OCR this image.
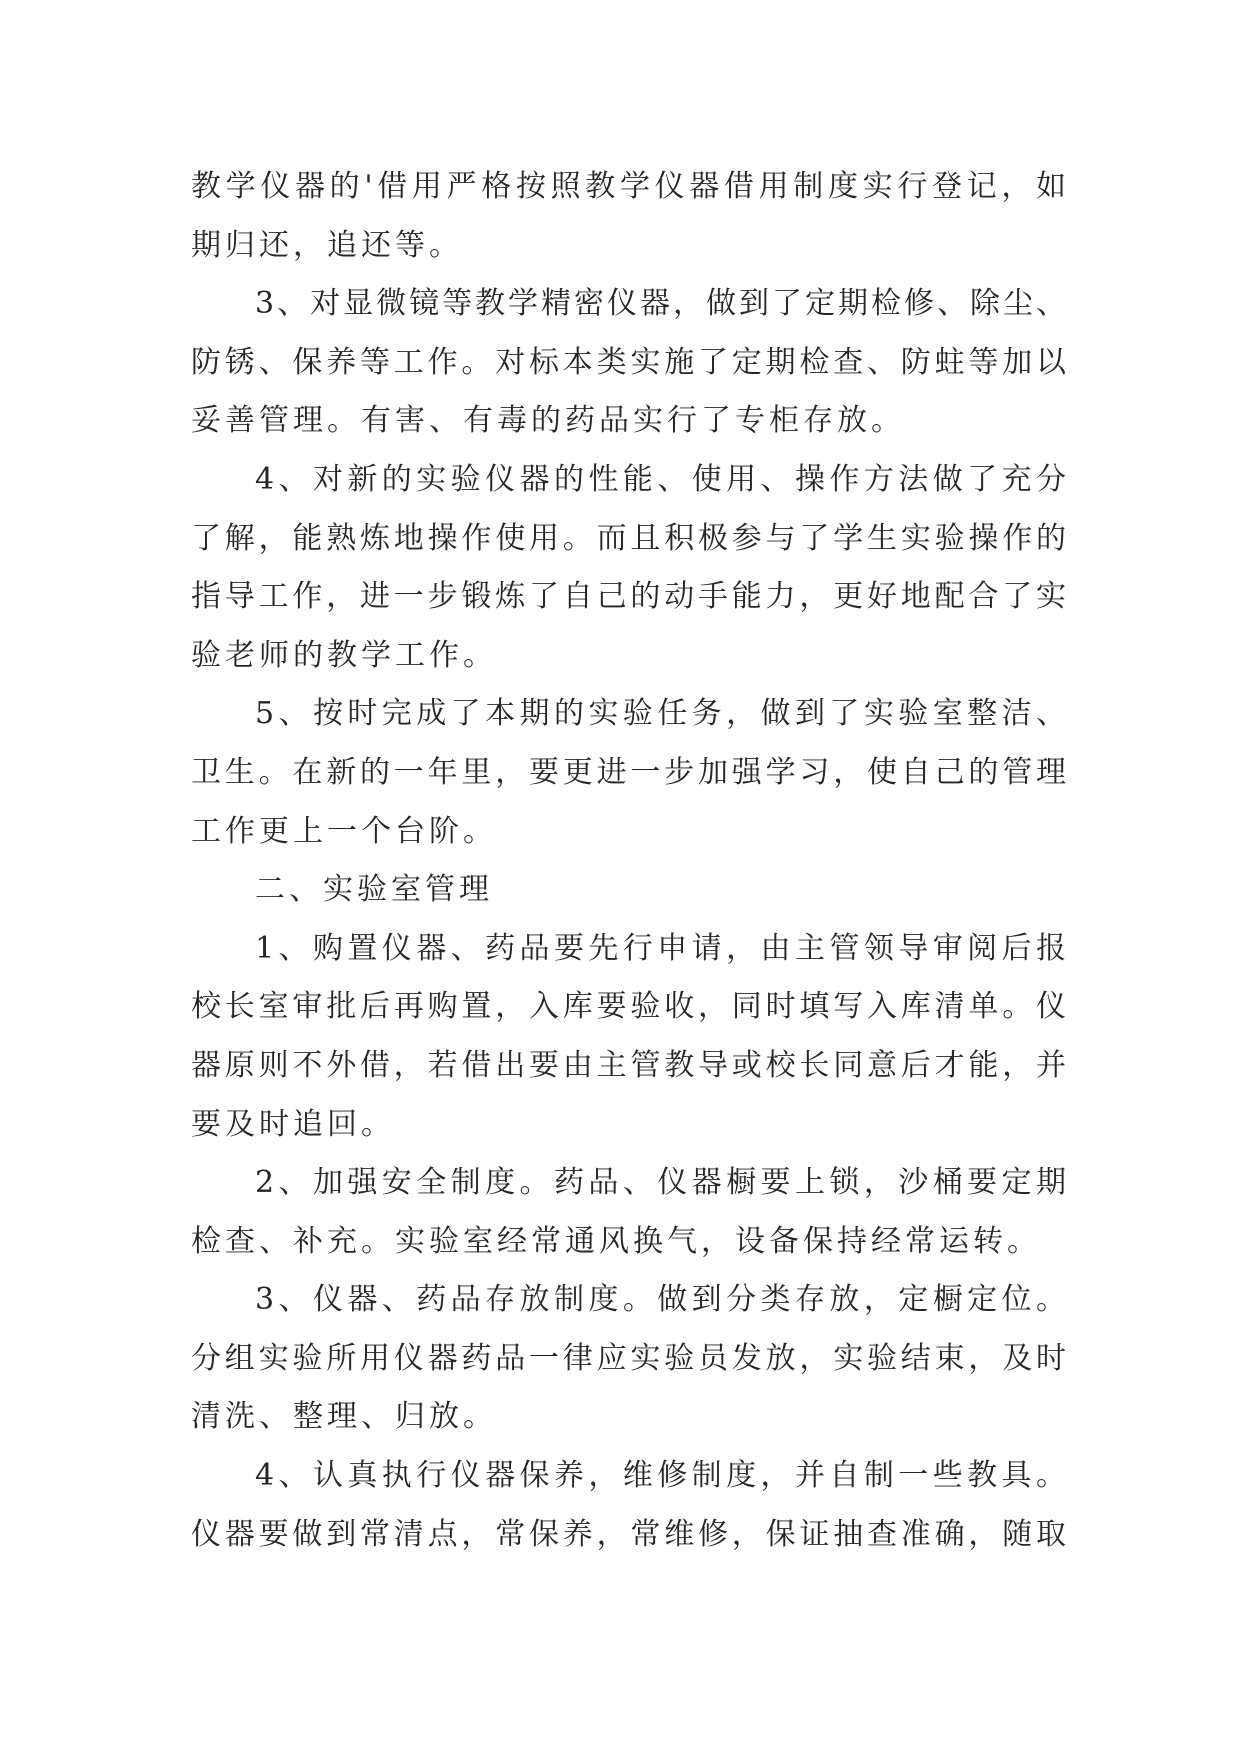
教学仪器的'借用严格按照教学仪器借用制度实行登记，如
期归还，追还等。
3、对显微镜等教学精密仪器，做到了定期检修、除尘、
防锈、保养等工作。对标本类实施了定期检查、防蛀等加以
妥善管理。有害、有毒的药品实行了专柜存放。
4、对新的实验仪器的性能、使用、操作方法做了充分
了解，能熟炼地操作使用。而且积极参与了学生实验操作的
指导工作，进一步锻炼了自己的动手能力，更好地配合了实
验老师的教学工作。
5、按时完成了本期的实验任务，做到了实验室整洁、
卫生。在新的一年里，要更进一步加强学习，使自己的管理
工作更上一个台阶。
二、实验室管理
1、购置仪器、药品要先行申请，由主管领导审阅后报
校长室审批后再购置，入库要验收，同时填写入库清单。仪
器原则不外借，若借出要由主管教导或校长同意后才能，并
要及时追回。
2、加强安全制度。药品、仪器橱要上锁，沙桶要定期
检查、补充。实验室经常通风换气，设备保持经常运转。
3、仪器、药品存放制度。做到分类存放，定橱定位。
分组实验所用仪器药品一律应实验员发放，实验结束，及时
清洗、整理、归放。
4、认真执行仪器保养，维修制度，并自制一些教具。
仪器要做到常清点，常保养，常维修，保证抽查准确，随取
